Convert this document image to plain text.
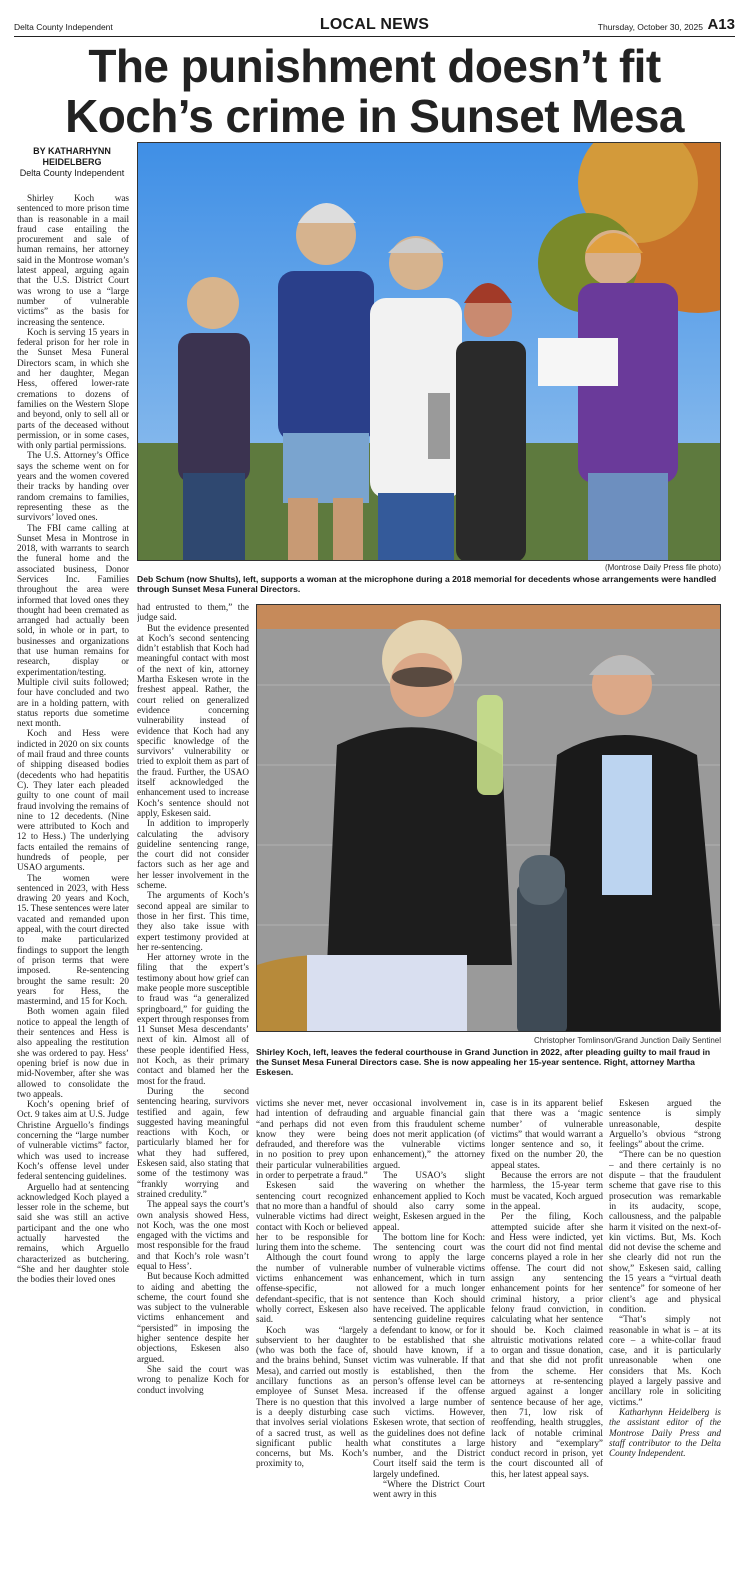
Delta County Independent	LOCAL NEWS	Thursday, October 30, 2025 A13
The punishment doesn’t fit Koch’s crime in Sunset Mesa
BY KATHARHYNN HEIDELBERG
Delta County Independent
(Montrose Daily Press file photo)
Deb Schum (now Shults), left, supports a woman at the microphone during a 2018 memorial for decedents whose arrangements were handled through Sunset Mesa Funeral Directors.
Christopher Tomlinson/Grand Junction Daily Sentinel
Shirley Koch, left, leaves the federal courthouse in Grand Junction in 2022, after pleading guilty to mail fraud in the Sunset Mesa Funeral Directors case. She is now appealing her 15-year sentence. Right, attorney Martha Eskesen.

Shirley Koch was sentenced to more prison time than is reasonable in a mail fraud case entailing the procurement and sale of human remains, her attorney said in the Montrose woman’s latest appeal, arguing again that the U.S. District Court was wrong to use a “large number of vulnerable victims” as the basis for increasing the sentence.

Koch is serving 15 years in federal prison for her role in the Sunset Mesa Funeral Directors scam, in which she and her daughter, Megan Hess, offered lower-rate cremations to dozens of families on the Western Slope and beyond, only to sell all or parts of the deceased without permission, or in some cases, with only partial permissions.

The U.S. Attorney’s Office says the scheme went on for years and the women covered their tracks by handing over random cremains to families, representing these as the survivors’ loved ones.

The FBI came calling at Sunset Mesa in Montrose in 2018, with warrants to search the funeral home and the associated business, Donor Services Inc. Families throughout the area were informed that loved ones they thought had been cremated as arranged had actually been sold, in whole or in part, to businesses and organizations that use human remains for research, display or experimentation/testing. Multiple civil suits followed; four have concluded and two are in a holding pattern, with status reports due sometime next month.

Koch and Hess were indicted in 2020 on six counts of mail fraud and three counts of shipping diseased bodies (decedents who had hepatitis C). They later each pleaded guilty to one count of mail fraud involving the remains of nine to 12 decedents. (Nine were attributed to Koch and 12 to Hess.) The underlying facts entailed the remains of hundreds of people, per USAO arguments.

The women were sentenced in 2023, with Hess drawing 20 years and Koch, 15. These sentences were later vacated and remanded upon appeal, with the court directed to make particularized findings to support the length of prison terms that were imposed. Re-sentencing brought the same result: 20 years for Hess, the mastermind, and 15 for Koch.

Both women again filed notice to appeal the length of their sentences and Hess is also appealing the restitution she was ordered to pay. Hess’ opening brief is now due in mid-November, after she was allowed to consolidate the two appeals.

Koch’s opening brief of Oct. 9 takes aim at U.S. Judge Christine Arguello’s findings concerning the “large number of vulnerable victims” factor, which was used to increase Koch’s offense level under federal sentencing guidelines.

Arguello had at sentencing acknowledged Koch played a lesser role in the scheme, but said she was still an active participant and the one who actually harvested the remains, which Arguello characterized as butchering. “She and her daughter stole the bodies their loved ones

had entrusted to them,” the judge said.

But the evidence presented at Koch’s second sentencing didn’t establish that Koch had meaningful contact with most of the next of kin, attorney Martha Eskesen wrote in the freshest appeal. Rather, the court relied on generalized evidence concerning vulnerability instead of evidence that Koch had any specific knowledge of the survivors’ vulnerability or tried to exploit them as part of the fraud. Further, the USAO itself acknowledged the enhancement used to increase Koch’s sentence should not apply, Eskesen said.

In addition to improperly calculating the advisory guideline sentencing range, the court did not consider factors such as her age and her lesser involvement in the scheme.

The arguments of Koch’s second appeal are similar to those in her first. This time, they also take issue with expert testimony provided at her re-sentencing.

Her attorney wrote in the filing that the expert’s testimony about how grief can make people more susceptible to fraud was “a generalized springboard,” for guiding the expert through responses from 11 Sunset Mesa descendants’ next of kin. Almost all of these people identified Hess, not Koch, as their primary contact and blamed her the most for the fraud.

During the second sentencing hearing, survivors testified and again, few suggested having meaningful reactions with Koch, or particularly blamed her for what they had suffered, Eskesen said, also stating that some of the testimony was “frankly worrying and strained credulity.”

The appeal says the court’s own analysis showed Hess, not Koch, was the one most engaged with the victims and most responsible for the fraud and that Koch’s role wasn’t equal to Hess’.

But because Koch admitted to aiding and abetting the scheme, the court found she was subject to the vulnerable victims enhancement and “persisted” in imposing the higher sentence despite her objections, Eskesen also argued.

She said the court was wrong to penalize Koch for conduct involving

victims she never met, never had intention of defrauding “and perhaps did not even know they were being defrauded, and therefore was in no position to prey upon their particular vulnerabilities in order to perpetrate a fraud.”

Eskesen said the sentencing court recognized that no more than a handful of vulnerable victims had direct contact with Koch or believed her to be responsible for luring them into the scheme.

Although the court found the number of vulnerable victims enhancement was offense-specific, not defendant-specific, that is not wholly correct, Eskesen also said.

Koch was “largely subservient to her daughter (who was both the face of, and the brains behind, Sunset Mesa), and carried out mostly ancillary functions as an employee of Sunset Mesa. There is no question that this is a deeply disturbing case that involves serial violations of a sacred trust, as well as significant public health concerns, but Ms. Koch’s proximity to,

occasional involvement in, and arguable financial gain from this fraudulent scheme does not merit application (of the vulnerable victims enhancement),” the attorney argued.

The USAO’s slight wavering on whether the enhancement applied to Koch should also carry some weight, Eskesen argued in the appeal.

The bottom line for Koch: The sentencing court was wrong to apply the large number of vulnerable victims enhancement, which in turn allowed for a much longer sentence than Koch should have received. The applicable sentencing guideline requires a defendant to know, or for it to be established that she should have known, if a victim was vulnerable. If that is established, then the person’s offense level can be increased if the offense involved a large number of such victims. However, Eskesen wrote, that section of the guidelines does not define what constitutes a large number, and the District Court itself said the term is largely undefined.

“Where the District Court went awry in this

case is in its apparent belief that there was a ‘magic number’ of vulnerable victims” that would warrant a longer sentence and so, it fixed on the number 20, the appeal states.

Because the errors are not harmless, the 15-year term must be vacated, Koch argued in the appeal.

Per the filing, Koch attempted suicide after she and Hess were indicted, yet the court did not find mental concerns played a role in her offense. The court did not assign any sentencing enhancement points for her criminal history, a prior felony fraud conviction, in calculating what her sentence should be. Koch claimed altruistic motivations related to organ and tissue donation, and that she did not profit from the scheme. Her attorneys at re-sentencing argued against a longer sentence because of her age, then 71, low risk of reoffending, health struggles, lack of notable criminal history and “exemplary” conduct record in prison, yet the court discounted all of this, her latest appeal says.

Eskesen argued the sentence is simply unreasonable, despite Arguello’s obvious “strong feelings” about the crime.

“There can be no question – and there certainly is no dispute – that the fraudulent scheme that gave rise to this prosecution was remarkable in its audacity, scope, callousness, and the palpable harm it visited on the next-of-kin victims. But, Ms. Koch did not devise the scheme and she clearly did not run the show,” Eskesen said, calling the 15 years a “virtual death sentence” for someone of her client’s age and physical condition.

“That’s simply not reasonable in what is – at its core – a white-collar fraud case, and it is particularly unreasonable when one considers that Ms. Koch played a largely passive and ancillary role in soliciting victims.”

Katharhynn Heidelberg is the assistant editor of the Montrose Daily Press and staff contributor to the Delta County Independent.
